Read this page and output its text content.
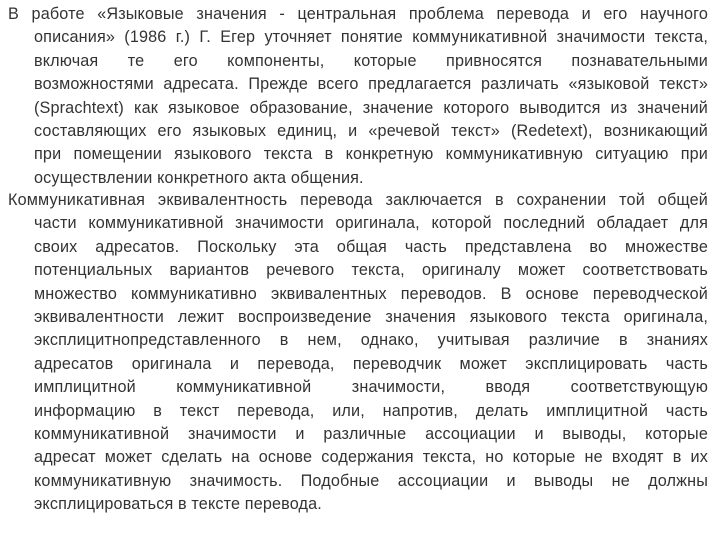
В работе «Языковые значения - центральная проблема перевода и его научного
описания» (1986 г.) Г. Егер уточняет понятие коммуникативной значимости текста,
включая те его компоненты, которые привносятся познавательными
возможностями адресата. Прежде всего предлагается различать «языковой текст»
(Sprachtext) как языковое образование, значение которого выводится из значений
составляющих его языковых единиц, и «речевой текст» (Redetext), возникающий
при помещении языкового текста в конкретную коммуникативную ситуацию при
осуществлении конкретного акта общения.
Коммуникативная эквивалентность перевода заключается в сохранении той общей
части коммуникативной значимости оригинала, которой последний обладает для
своих адресатов. Поскольку эта общая часть представлена во множестве
потенциальных вариантов речевого текста, оригиналу может соответствовать
множество коммуникативно эквивалентных переводов. В основе переводческой
эквивалентности лежит воспроизведение значения языкового текста оригинала,
эксплицитнопредставленного в нем, однако, учитывая различие в знаниях
адресатов оригинала и перевода, переводчик может эксплицировать часть
имплицитной коммуникативной значимости, вводя соответствующую
информацию в текст перевода, или, напротив, делать имплицитной часть
коммуникативной значимости и различные ассоциации и выводы, которые
адресат может сделать на основе содержания текста, но которые не входят в их
коммуникативную значимость. Подобные ассоциации и выводы не должны
эксплицироваться в тексте перевода.
